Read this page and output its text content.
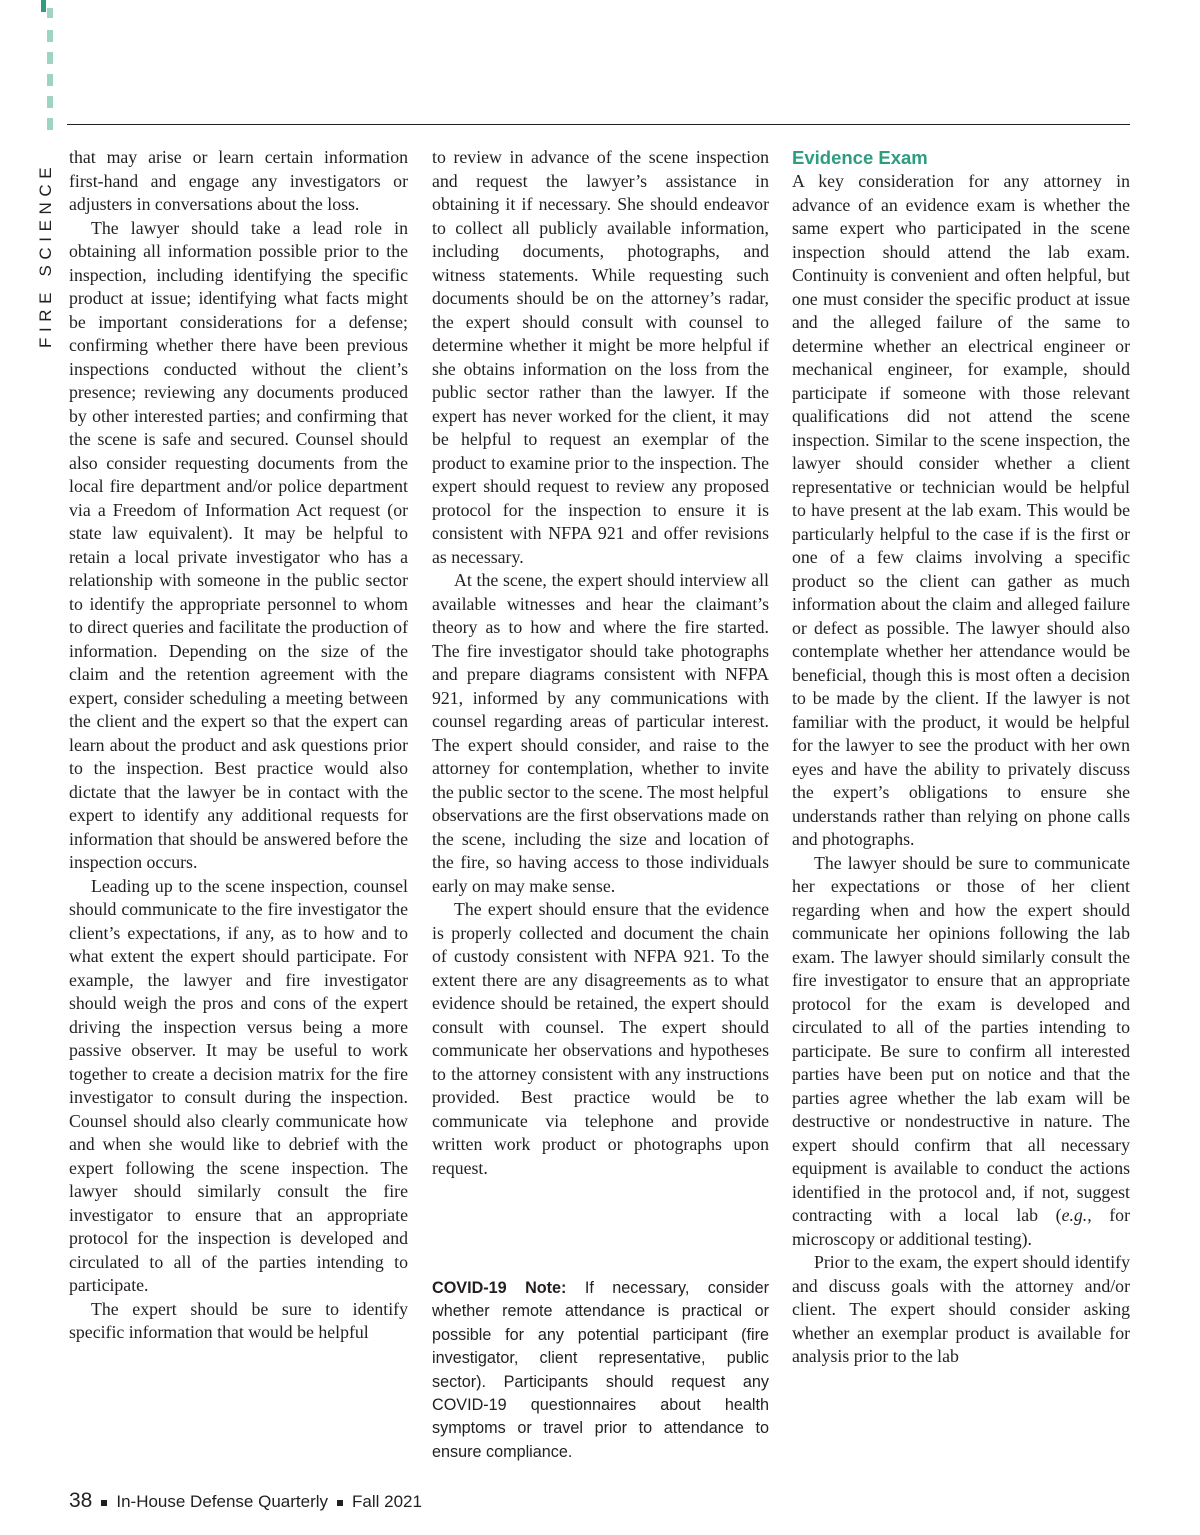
FIRE SCIENCE

that may arise or learn certain information first-hand and engage any investigators or adjusters in conversations about the loss.

The lawyer should take a lead role in obtaining all information possible prior to the inspection, including identifying the specific product at issue; identifying what facts might be important considerations for a defense; confirming whether there have been previous inspections conducted without the client’s presence; reviewing any documents produced by other interested parties; and confirming that the scene is safe and secured. Counsel should also consider requesting documents from the local fire department and/or police department via a Freedom of Information Act request (or state law equivalent). It may be helpful to retain a local private investigator who has a relationship with someone in the public sector to identify the appropriate personnel to whom to direct queries and facilitate the production of information. Depending on the size of the claim and the retention agreement with the expert, consider scheduling a meeting between the client and the expert so that the expert can learn about the product and ask questions prior to the inspection. Best practice would also dictate that the lawyer be in contact with the expert to identify any additional requests for information that should be answered before the inspection occurs.

Leading up to the scene inspection, counsel should communicate to the fire investigator the client’s expectations, if any, as to how and to what extent the expert should participate. For example, the lawyer and fire investigator should weigh the pros and cons of the expert driving the inspection versus being a more passive observer. It may be useful to work together to create a decision matrix for the fire investigator to consult during the inspection. Counsel should also clearly communicate how and when she would like to debrief with the expert following the scene inspection. The lawyer should similarly consult the fire investigator to ensure that an appropriate protocol for the inspection is developed and circulated to all of the parties intending to participate.

The expert should be sure to identify specific information that would be helpful

to review in advance of the scene inspection and request the lawyer’s assistance in obtaining it if necessary. She should endeavor to collect all publicly available information, including documents, photographs, and witness statements. While requesting such documents should be on the attorney’s radar, the expert should consult with counsel to determine whether it might be more helpful if she obtains information on the loss from the public sector rather than the lawyer. If the expert has never worked for the client, it may be helpful to request an exemplar of the product to examine prior to the inspection. The expert should request to review any proposed protocol for the inspection to ensure it is consistent with NFPA 921 and offer revisions as necessary.

At the scene, the expert should interview all available witnesses and hear the claimant’s theory as to how and where the fire started. The fire investigator should take photographs and prepare diagrams consistent with NFPA 921, informed by any communications with counsel regarding areas of particular interest. The expert should consider, and raise to the attorney for contemplation, whether to invite the public sector to the scene. The most helpful observations are the first observations made on the scene, including the size and location of the fire, so having access to those individuals early on may make sense.

The expert should ensure that the evidence is properly collected and document the chain of custody consistent with NFPA 921. To the extent there are any disagreements as to what evidence should be retained, the expert should consult with counsel. The expert should communicate her observations and hypotheses to the attorney consistent with any instructions provided. Best practice would be to communicate via telephone and provide written work product or photographs upon request.

COVID-19 Note: If necessary, consider whether remote attendance is practical or possible for any potential participant (fire investigator, client representative, public sector). Participants should request any COVID-19 questionnaires about health symptoms or travel prior to attendance to ensure compliance.
Evidence Exam

A key consideration for any attorney in advance of an evidence exam is whether the same expert who participated in the scene inspection should attend the lab exam. Continuity is convenient and often helpful, but one must consider the specific product at issue and the alleged failure of the same to determine whether an electrical engineer or mechanical engineer, for example, should participate if someone with those relevant qualifications did not attend the scene inspection. Similar to the scene inspection, the lawyer should consider whether a client representative or technician would be helpful to have present at the lab exam. This would be particularly helpful to the case if is the first or one of a few claims involving a specific product so the client can gather as much information about the claim and alleged failure or defect as possible. The lawyer should also contemplate whether her attendance would be beneficial, though this is most often a decision to be made by the client. If the lawyer is not familiar with the product, it would be helpful for the lawyer to see the product with her own eyes and have the ability to privately discuss the expert’s obligations to ensure she understands rather than relying on phone calls and photographs.

The lawyer should be sure to communicate her expectations or those of her client regarding when and how the expert should communicate her opinions following the lab exam. The lawyer should similarly consult the fire investigator to ensure that an appropriate protocol for the exam is developed and circulated to all of the parties intending to participate. Be sure to confirm all interested parties have been put on notice and that the parties agree whether the lab exam will be destructive or nondestructive in nature. The expert should confirm that all necessary equipment is available to conduct the actions identified in the protocol and, if not, suggest contracting with a local lab (e.g., for microscopy or additional testing).

Prior to the exam, the expert should identify and discuss goals with the attorney and/or client. The expert should consider asking whether an exemplar product is available for analysis prior to the lab

38 In-House Defense Quarterly Fall 2021
